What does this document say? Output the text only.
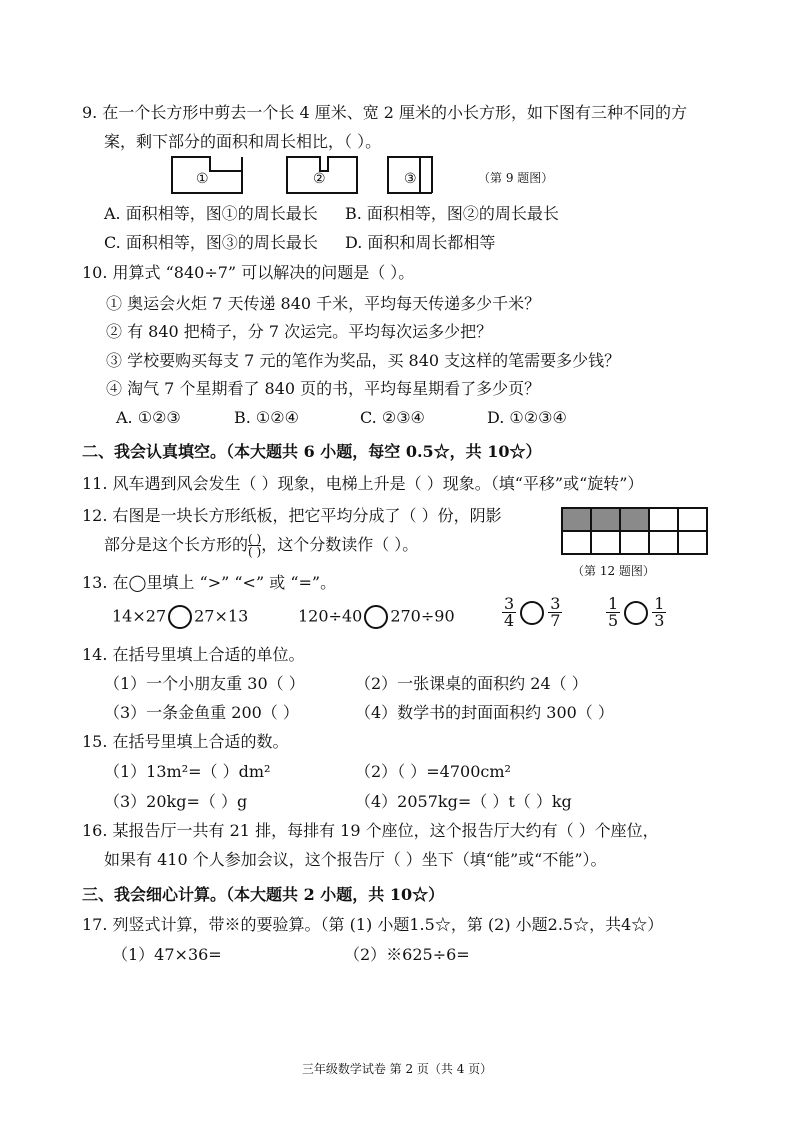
9. 在一个长方形中剪去一个长 4 厘米、宽 2 厘米的小长方形，如下图有三种不同的方
案，剩下部分的面积和周长相比，（ ）。
①	②	③	（第 9 题图）
A. 面积相等，图①的周长最长 B. 面积相等，图②的周长最长
C. 面积相等，图③的周长最长 D. 面积和周长都相等
10. 用算式 “840÷7” 可以解决的问题是（ ）。
① 奥运会火炬 7 天传递 840 千米，平均每天传递多少千米？
② 有 840 把椅子，分 7 次运完。平均每次运多少把？
③ 学校要购买每支 7 元的笔作为奖品，买 840 支这样的笔需要多少钱？
④ 淘气 7 个星期看了 840 页的书，平均每星期看了多少页？
A. ①②③	B. ①②④	C. ②③④	D. ①②③④
二、我会认真填空。（本大题共 6 小题，每空 0.5☆，共 10☆）
11. 风车遇到风会发生（ ）现象，电梯上升是（ ）现象。（填“平移”或“旋转”）
12. 右图是一块长方形纸板，把它平均分成了（ ）份，阴影
部分是这个长方形的 $\frac{( )}{( )}$，这个分数读作（ ）。

（第 12 题图）
13. 在◯里填上 “>” “<” 或 “=”。
14×27 27×13	120÷40 270÷90	$\frac{3}{4} \frac{3}{7}$	$\frac{1}{5} \frac{1}{3}$
14. 在括号里填上合适的单位。
（1）一个小朋友重 30（ ）	（2）一张课桌的面积约 24（ ）
（3）一条金鱼重 200（ ）	（4）数学书的封面面积约 300（ ）
15. 在括号里填上合适的数。
（1）13m²=（ ）dm²	（2）（ ）=4700cm²
（3）20kg=（ ）g	（4）2057kg=（ ）t（ ）kg
16. 某报告厅一共有 21 排，每排有 19 个座位，这个报告厅大约有（ ）个座位，
如果有 410 个人参加会议，这个报告厅（ ）坐下（填“能”或“不能”）。
三、我会细心计算。（本大题共 2 小题，共 10☆）
17. 列竖式计算，带※的要验算。（第 (1) 小题1.5☆，第 (2) 小题2.5☆，共4☆）
（1）47×36=	（2）※625÷6=
三年级数学试卷 第 2 页（共 4 页）
